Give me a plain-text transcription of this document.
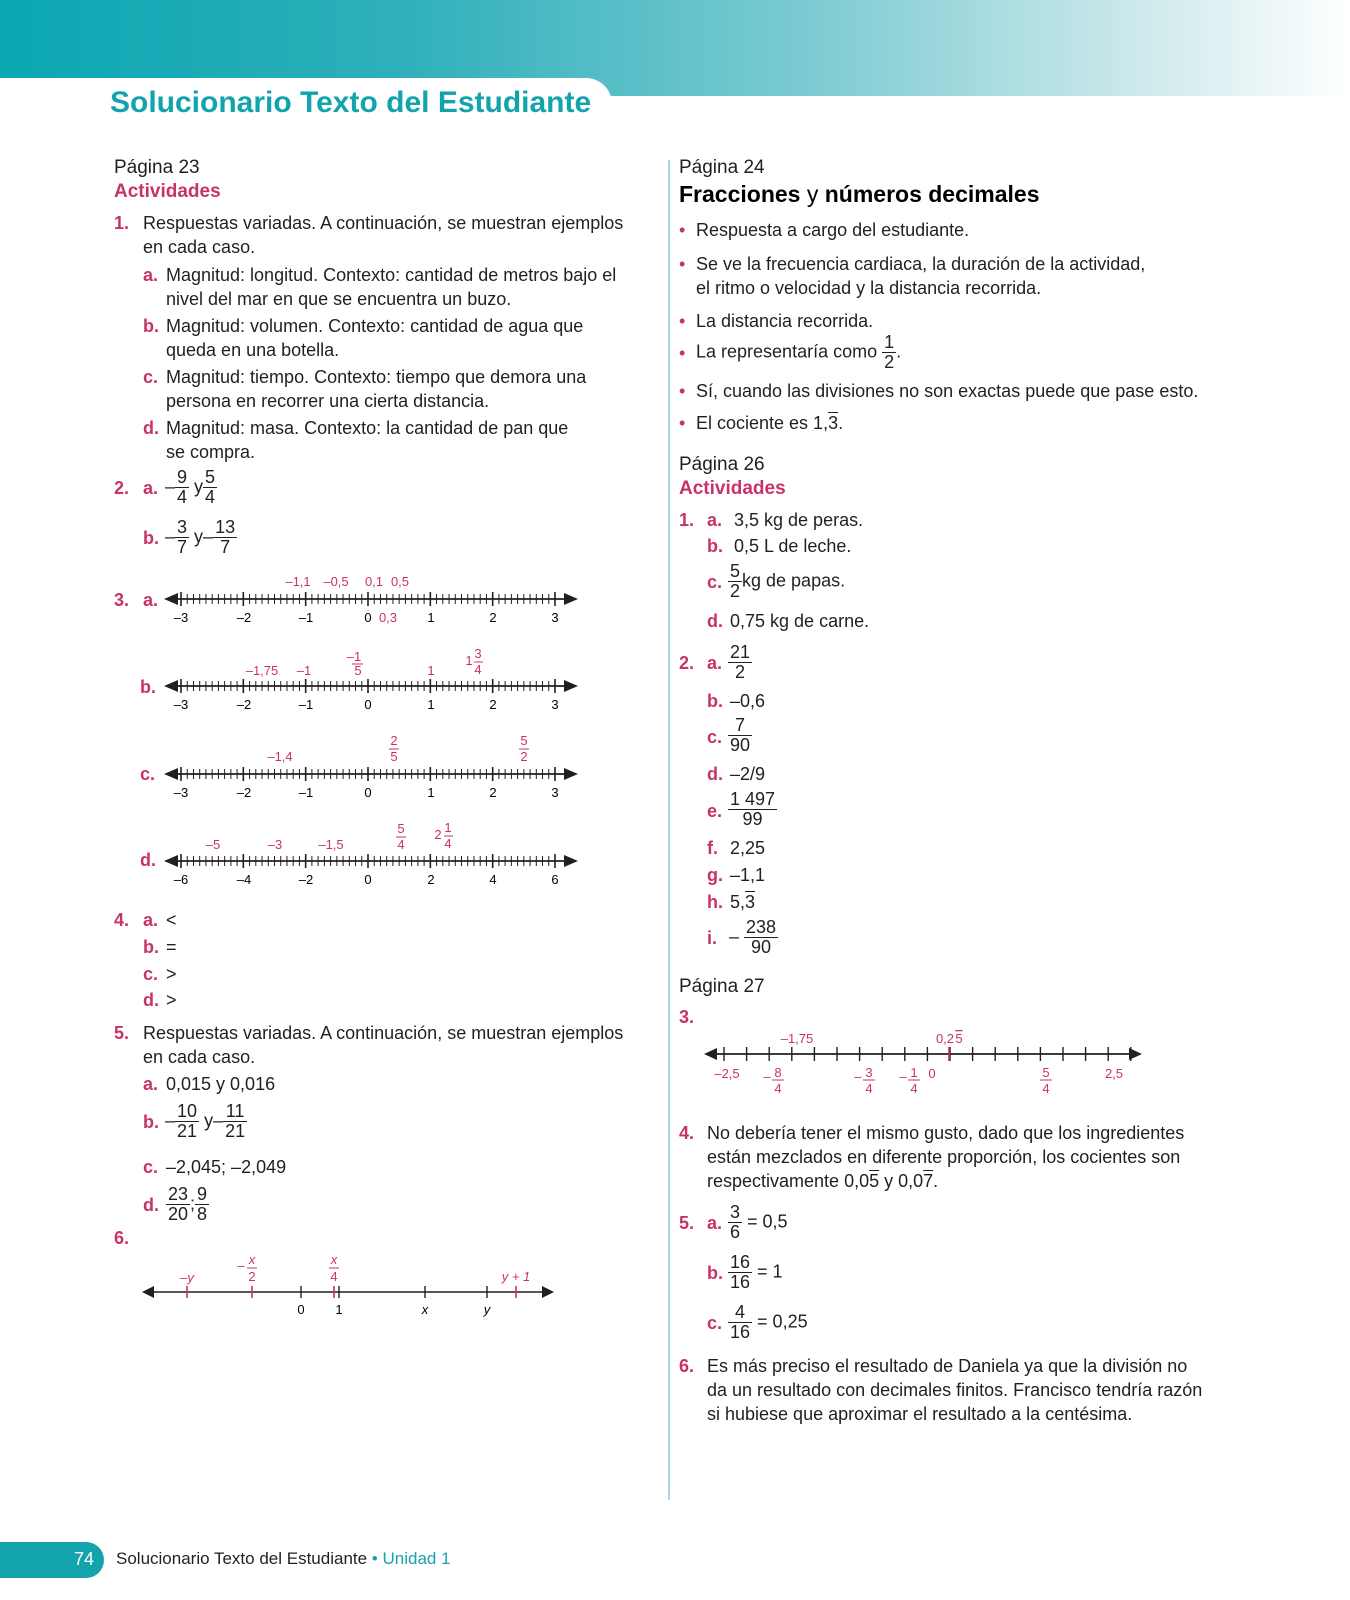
Solucionario Texto del Estudiante
Página 23
Actividades
1. Respuestas variadas. A continuación, se muestran ejemplos
en cada caso.
a. Magnitud: longitud. Contexto: cantidad de metros bajo el
nivel del mar en que se encuentra un buzo.
b. Magnitud: volumen. Contexto: cantidad de agua que
queda en una botella.
c. Magnitud: tiempo. Contexto: tiempo que demora una
persona en recorrer una cierta distancia.
d. Magnitud: masa. Contexto: la cantidad de pan que
se compra.
2. a. – $\frac{9}{4}$ y $\frac{5}{4}$
b. – $\frac{3}{7} y- \frac{13}{7}$
3. a.
b.
c.
d.
–3	–2	–1	0	1	2	3
–1,1 –0,5 0,1 0,5
0,3
–3	–2	–1	0	1	2	3
–1,75 –1	1
–1
5
1 3
4
–3	–2	–1	0	1	2	3
–1,4
2
5
5
2
–6	–4	–2	0	2	4	6
–5	–3	–1,5
5
4
2 1
4
4. a. <
b. =
c. >
d. >
5. Respuestas variadas. A continuación, se muestran ejemplos
en cada caso.
a. 0,015 y 0,016
b. – $\frac{10}{21} y- \frac{11}{21}$
c. –2,045; –2,049
d. $\frac{23}{20}$ ; $\frac{9}{8}$
6.
0 1	x	y
–y
– x
2
x
4	y + 1
Página 24
Fracciones y números decimales
• Respuesta a cargo del estudiante.
• Se ve la frecuencia cardiaca, la duración de la actividad,
el ritmo o velocidad y la distancia recorrida.
• La distancia recorrida.
• La representaría como $\frac{1}{2}$ .
• Sí, cuando las divisiones no son exactas puede que pase esto.
• El cociente es 1,3.
Página 26
Actividades
1. a. 3,5 kg de peras.
b. 0,5 L de leche.
c. $\frac{5}{2}$ kg de papas.
d. 0,75 kg de carne.
2. a. $\frac{21}{2}$
b. –0,6
c. $\frac{7}{90}$
d. –2/9
e. $\frac{1 497}{99}$
f. 2,25
g. –1,1
h. 5,3
i. – $\frac{238}{90}$
Página 27
3.
–1,75	0,2 5
–2,5 – 8
4
– 3
4
– 1
4
0	5
4
2,5
4. No debería tener el mismo gusto, dado que los ingredientes
están mezclados en diferente proporción, los cocientes son
respectivamente 0,05 y 0,07.
5. a. $\frac{3}{6} = 0,5$
b. $\frac{16}{16} = 1$
c. $\frac{4}{16} = 0,25$
6. Es más preciso el resultado de Daniela ya que la división no
da un resultado con decimales finitos. Francisco tendría razón
si hubiese que aproximar el resultado a la centésima.
74 Solucionario Texto del Estudiante • Unidad 1
